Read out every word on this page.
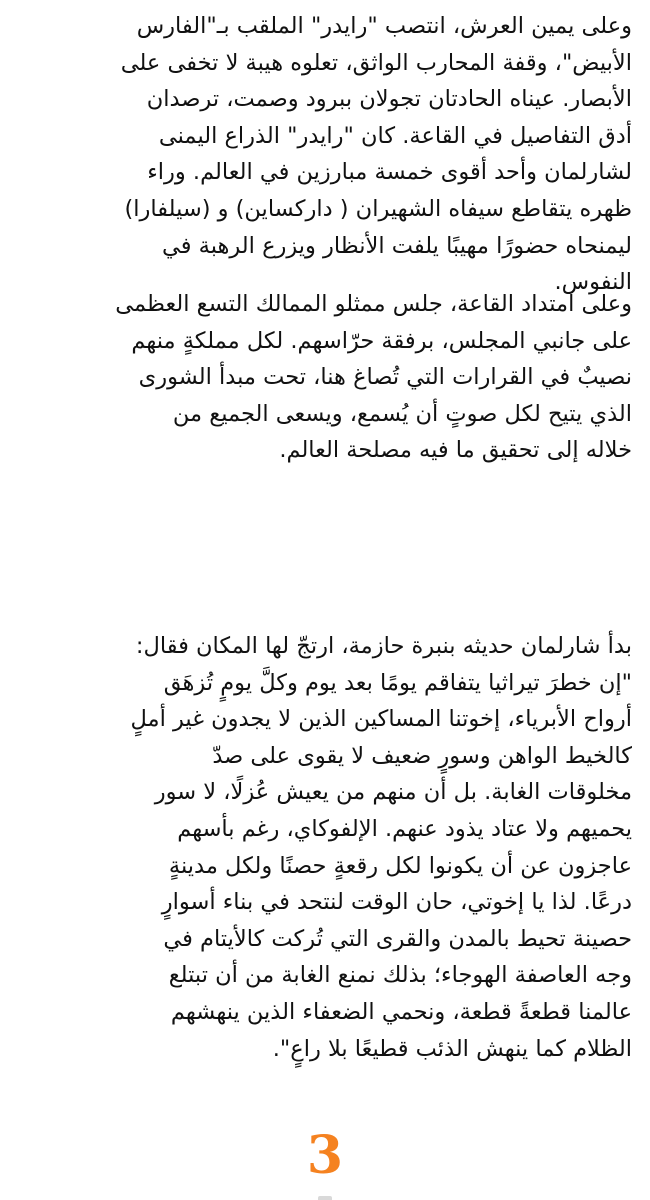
وعلى يمين العرش، انتصب "رايدر" الملقب بـ"الفارس
الأبيض"، وقفة المحارب الواثق، تعلوه هيبة لا تخفى على
الأبصار. عيناه الحادتان تجولان ببرود وصمت، ترصدان
أدق التفاصيل في القاعة. كان "رايدر" الذراع اليمنى
لشارلمان وأحد أقوى خمسة مبارزين في العالم. وراء
ظهره يتقاطع سيفاه الشهيران ( داركساين) و (سيلفارا)
ليمنحاه حضورًا مهيبًا يلفت الأنظار ويزرع الرهبة في
النفوس.
وعلى امتداد القاعة، جلس ممثلو الممالك التسع العظمى
على جانبي المجلس، برفقة حرّاسهم. لكل مملكةٍ منهم
نصيبٌ في القرارات التي تُصاغ هنا، تحت مبدأ الشورى
الذي يتيح لكل صوتٍ أن يُسمع، ويسعى الجميع من
خلاله إلى تحقيق ما فيه مصلحة العالم.
بدأ شارلمان حديثه بنبرة حازمة، ارتجّ لها المكان فقال:
"إن خطرَ تيراثيا يتفاقم يومًا بعد يوم وكلَّ يومٍ تُزهَق
أرواح الأبرياء، إخوتنا المساكين الذين لا يجدون غير أملٍ
كالخيط الواهن وسورٍ ضعيف لا يقوى على صدّ
مخلوقات الغابة. بل أن منهم من يعيش عُزلًا، لا سور
يحميهم ولا عتاد يذود عنهم. الإلفوكاي، رغم بأسهم
عاجزون عن أن يكونوا لكل رقعةٍ حصنًا ولكل مدينةٍ
درعًا. لذا يا إخوتي، حان الوقت لنتحد في بناء أسوارٍ
حصينة تحيط بالمدن والقرى التي تُركت كالأيتام في
وجه العاصفة الهوجاء؛ بذلك نمنع الغابة من أن تبتلع
عالمنا قطعةً قطعة، ونحمي الضعفاء الذين ينهشهم
الظلام كما ينهش الذئب قطيعًا بلا راعٍ".
3
